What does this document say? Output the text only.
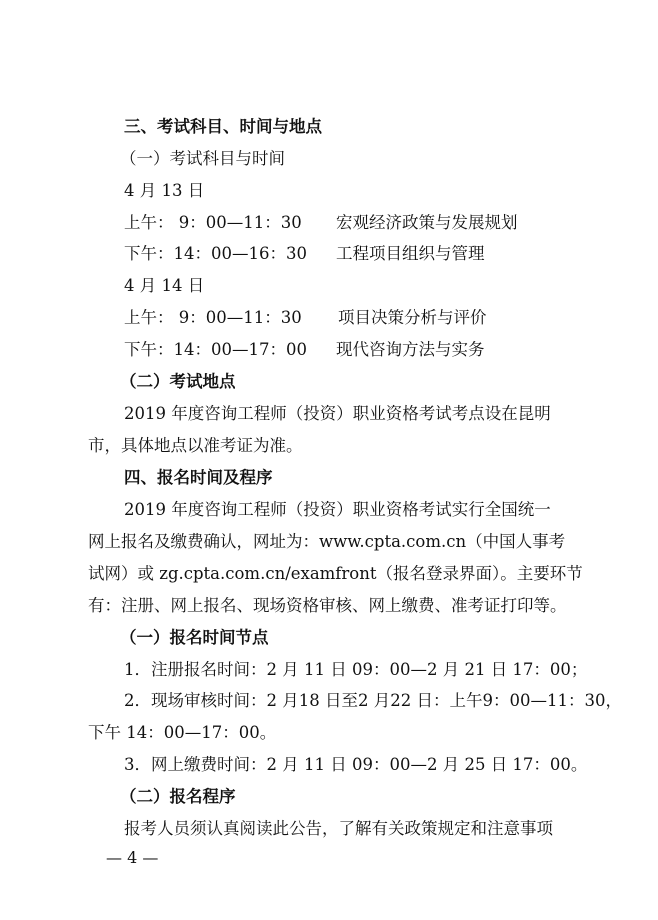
三、考试科目、时间与地点
（一）考试科目与时间
4 月 13 日
上午： 9：00—11：30 宏观经济政策与发展规划
下午：14：00—16：30 工程项目组织与管理
4 月 14 日
上午： 9：00—11：30 项目决策分析与评价
下午：14：00—17：00 现代咨询方法与实务
（二）考试地点
2019 年度咨询工程师（投资）职业资格考试考点设在昆明
市，具体地点以准考证为准。
四、报名时间及程序
2019 年度咨询工程师（投资）职业资格考试实行全国统一
网上报名及缴费确认，网址为：www.cpta.com.cn（中国人事考
试网）或 zg.cpta.com.cn/examfront（报名登录界面）。主要环节
有：注册、网上报名、现场资格审核、网上缴费、准考证打印等。
（一）报名时间节点
1．注册报名时间：2 月 11 日 09：00—2 月 21 日 17：00；
2．现场审核时间：2 月18 日至2 月22 日：上午9：00—11：30，
下午 14：00—17：00。
3．网上缴费时间：2 月 11 日 09：00—2 月 25 日 17：00。
（二）报名程序
报考人员须认真阅读此公告，了解有关政策规定和注意事项
— 4 —
